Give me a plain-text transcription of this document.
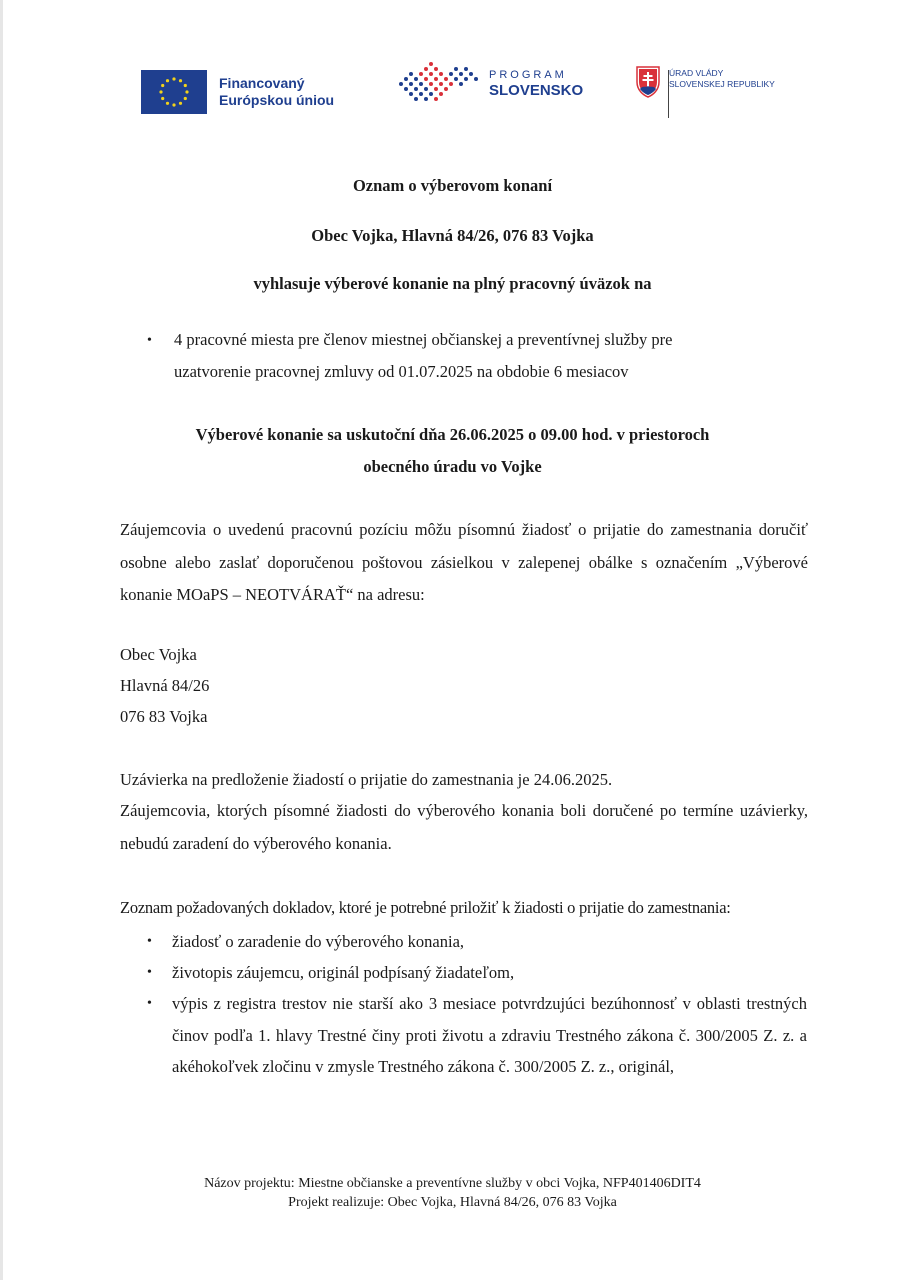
Financovaný
Európskou úniou
PROGRAM
SLOVENSKO
ÚRAD VLÁDY
SLOVENSKEJ REPUBLIKY
Oznam o výberovom konaní
Obec Vojka, Hlavná 84/26, 076 83 Vojka
vyhlasuje výberové konanie na plný pracovný úväzok na
• 4 pracovné miesta pre členov miestnej občianskej a preventívnej služby pre
uzatvorenie pracovnej zmluvy od 01.07.2025 na obdobie 6 mesiacov
Výberové konanie sa uskutoční dňa 26.06.2025 o 09.00 hod. v priestoroch
obecného úradu vo Vojke
Záujemcovia o uvedenú pracovnú pozíciu môžu písomnú žiadosť o prijatie do zamestnania doručiť osobne alebo zaslať doporučenou poštovou zásielkou v zalepenej obálke s označením „Výberové konanie MOaPS – NEOTVÁRAŤ“ na adresu:
Obec Vojka
Hlavná 84/26
076 83 Vojka
Uzávierka na predloženie žiadostí o prijatie do zamestnania je 24.06.2025.
Záujemcovia, ktorých písomné žiadosti do výberového konania boli doručené po termíne uzávierky, nebudú zaradení do výberového konania.
Zoznam požadovaných dokladov, ktoré je potrebné priložiť k žiadosti o prijatie do zamestnania:
• žiadosť o zaradenie do výberového konania,
• životopis záujemcu, originál podpísaný žiadateľom,
• výpis z registra trestov nie starší ako 3 mesiace potvrdzujúci bezúhonnosť v oblasti trestných činov podľa 1. hlavy Trestné činy proti životu a zdraviu Trestného zákona č. 300/2005 Z. z. a akéhokoľvek zločinu v zmysle Trestného zákona č. 300/2005 Z. z., originál,
Názov projektu: Miestne občianske a preventívne služby v obci Vojka, NFP401406DIT4
Projekt realizuje: Obec Vojka, Hlavná 84/26, 076 83 Vojka
